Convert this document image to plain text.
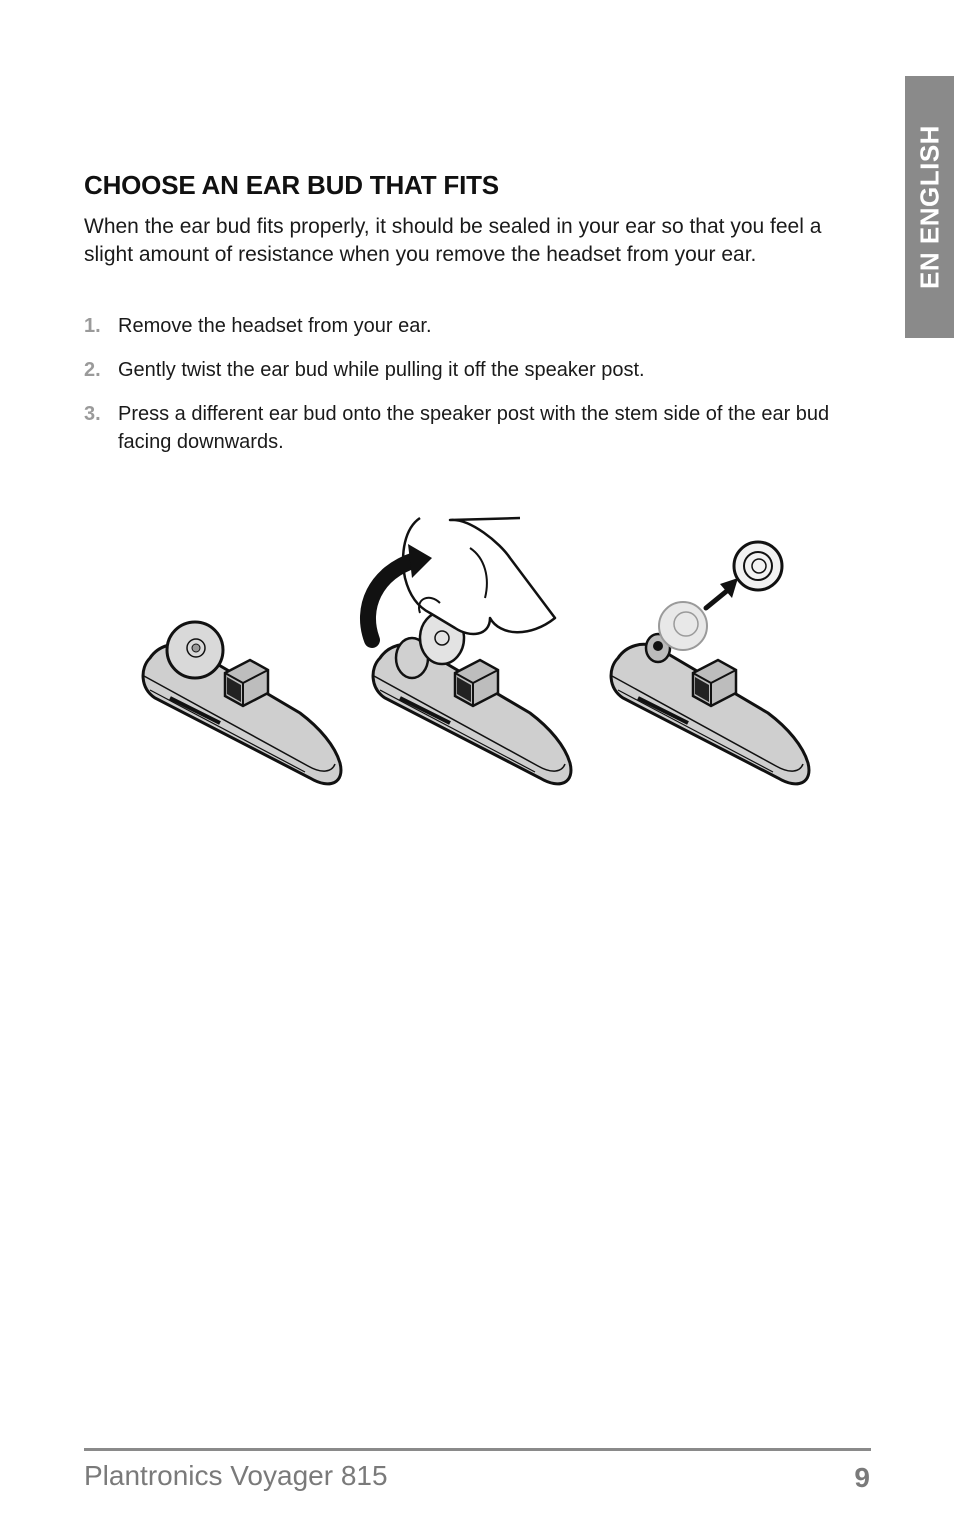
EN ENGLISH
CHOOSE AN EAR BUD THAT FITS

When the ear bud fits properly, it should be sealed in your ear so that you feel a slight amount of resistance when you remove the headset from your ear.

1. Remove the headset from your ear.
2. Gently twist the ear bud while pulling it off the speaker post.
3. Press a different ear bud onto the speaker post with the stem side of the ear bud facing downwards.
Plantronics Voyager 815	9
